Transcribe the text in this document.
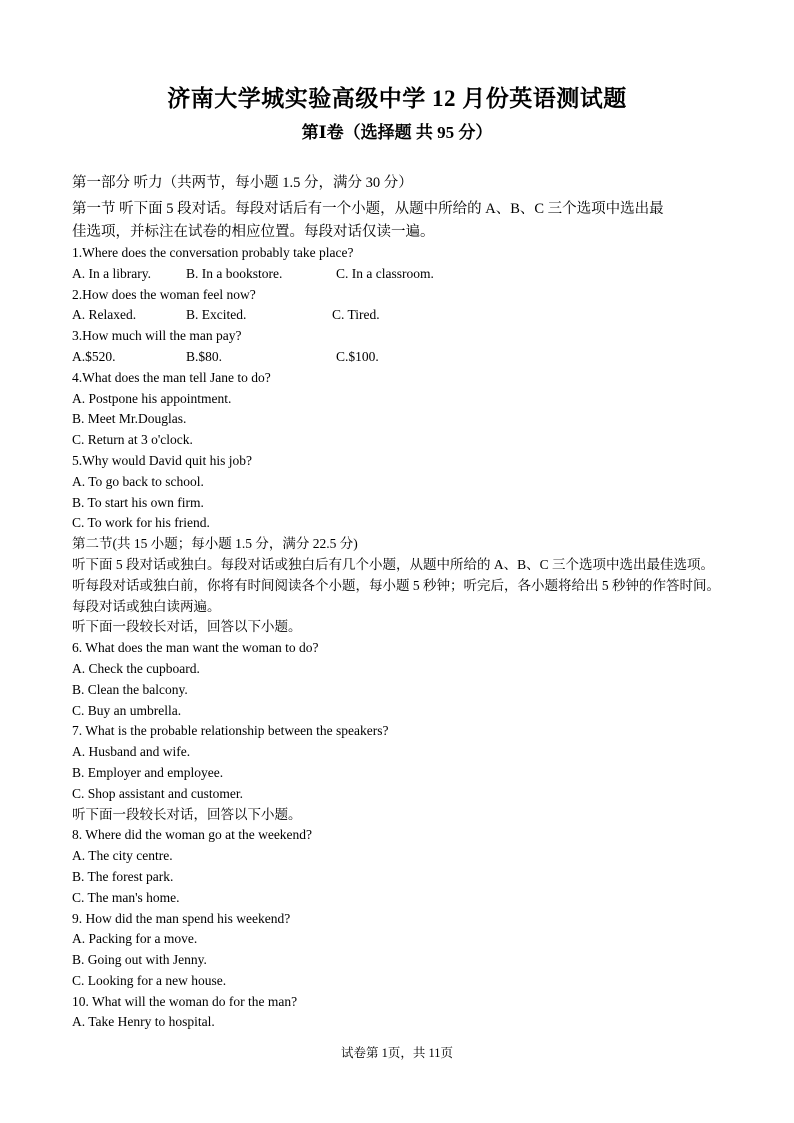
济南大学城实验高级中学 12 月份英语测试题
第Ⅰ卷（选择题 共 95 分）
第一部分 听力（共两节，每小题 1.5 分，满分 30 分）
第一节 听下面 5 段对话。每段对话后有一个小题，从题中所给的 A、B、C 三个选项中选出最
佳选项，并标注在试卷的相应位置。每段对话仅读一遍。
1.Where does the conversation probably take place?
A. In a library.	B. In a bookstore.	C. In a classroom.
2.How does the woman feel now?
A. Relaxed.	B. Excited.	C. Tired.
3.How much will the man pay?
A.$520.	B.$80.	C.$100.
4.What does the man tell Jane to do?
A. Postpone his appointment.
B. Meet Mr.Douglas.
C. Return at 3 o'clock.
5.Why would David quit his job?
A. To go back to school.
B. To start his own firm.
C. To work for his friend.
第二节(共 15 小题；每小题 1.5 分，满分 22.5 分)
听下面 5 段对话或独白。每段对话或独白后有几个小题，从题中所给的 A、B、C 三个选项中选出最佳选项。
听每段对话或独白前，你将有时间阅读各个小题，每小题 5 秒钟；听完后，各小题将给出 5 秒钟的作答时间。
每段对话或独白读两遍。
听下面一段较长对话，回答以下小题。
6. What does the man want the woman to do?
A. Check the cupboard.
B. Clean the balcony.
C. Buy an umbrella.
7. What is the probable relationship between the speakers?
A. Husband and wife.
B. Employer and employee.
C. Shop assistant and customer.
听下面一段较长对话，回答以下小题。
8. Where did the woman go at the weekend?
A. The city centre.
B. The forest park.
C. The man's home.
9. How did the man spend his weekend?
A. Packing for a move.
B. Going out with Jenny.
C. Looking for a new house.
10. What will the woman do for the man?
A. Take Henry to hospital.
试卷第 1页，共 11页
